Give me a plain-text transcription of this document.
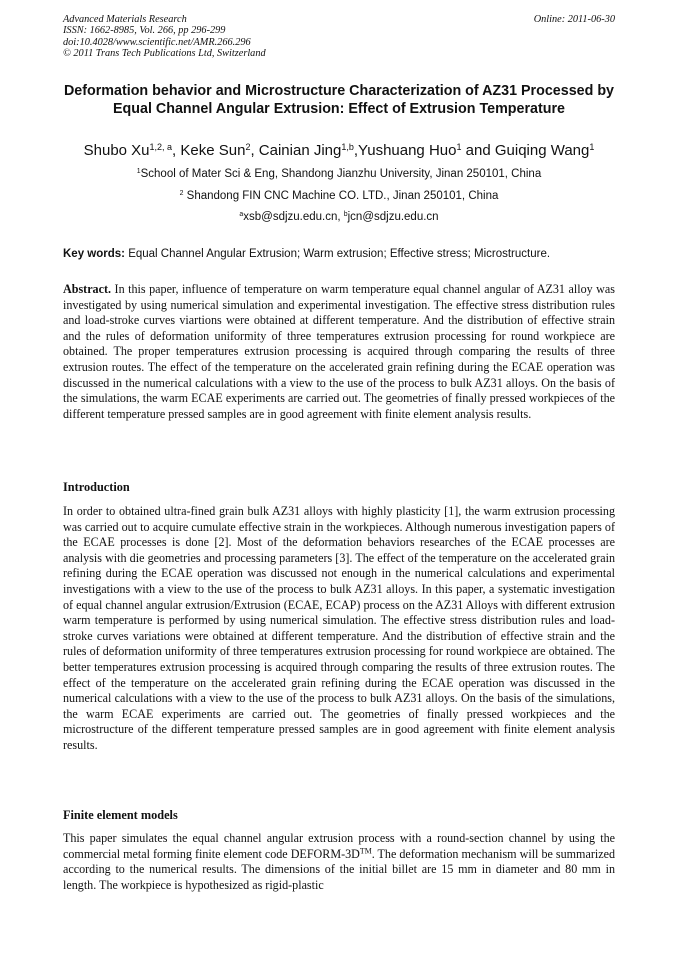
Advanced Materials Research
ISSN: 1662-8985, Vol. 266, pp 296-299
doi:10.4028/www.scientific.net/AMR.266.296
© 2011 Trans Tech Publications Ltd, Switzerland
Online: 2011-06-30
Deformation behavior and Microstructure Characterization of AZ31 Processed by Equal Channel Angular Extrusion: Effect of Extrusion Temperature
Shubo Xu$^{1,2, a}$, Keke Sun$^2$, Cainian Jing$^{1,b}$,Yushuang Huo$^1$ and Guiqing Wang$^1$
$^1$School of Mater Sci & Eng, Shandong Jianzhu University, Jinan 250101, China
$^2$ Shandong FIN CNC Machine CO. LTD., Jinan 250101, China
$^a$xsb@sdjzu.edu.cn, $^b$jcn@sdjzu.edu.cn
Key words: Equal Channel Angular Extrusion; Warm extrusion; Effective stress; Microstructure.
Abstract. In this paper, influence of temperature on warm temperature equal channel angular of AZ31 alloy was investigated by using numerical simulation and experimental investigation. The effective stress distribution rules and load-stroke curves viartions were obtained at different temperature. And the distribution of effective strain and the rules of deformation uniformity of three temperatures extrusion processing for round workpiece are obtained. The proper temperatures extrusion processing is acquired through comparing the results of three extrusion routes. The effect of the temperature on the accelerated grain refining during the ECAE operation was discussed in the numerical calculations with a view to the use of the process to bulk AZ31 alloys. On the basis of the simulations, the warm ECAE experiments are carried out. The geometries of finally pressed workpieces of the different temperature pressed samples are in good agreement with finite element analysis results.
Introduction
In order to obtained ultra-fined grain bulk AZ31 alloys with highly plasticity [1], the warm extrusion processing was carried out to acquire cumulate effective strain in the workpieces. Although numerous investigation papers of the ECAE processes is done [2]. Most of the deformation behaviors researches of the ECAE processes are analysis with die geometries and processing parameters [3]. The effect of the temperature on the accelerated grain refining during the ECAE operation was discussed not enough in the numerical calculations and experimental investigations with a view to the use of the process to bulk AZ31 alloys. In this paper, a systematic investigation of equal channel angular extrusion/Extrusion (ECAE, ECAP) process on the AZ31 Alloys with different extrusion warm temperature is performed by using numerical simulation. The effective stress distribution rules and load-stroke curves variations were obtained at different temperature. And the distribution of effective strain and the rules of deformation uniformity of three temperatures extrusion processing for round workpiece are obtained. The better temperatures extrusion processing is acquired through comparing the results of three extrusion routes. The effect of the temperature on the accelerated grain refining during the ECAE operation was discussed in the numerical calculations with a view to the use of the process to bulk AZ31 alloys. On the basis of the simulations, the warm ECAE experiments are carried out. The geometries of finally pressed workpieces and the microstructure of the different temperature pressed samples are in good agreement with finite element analysis results.
Finite element models
This paper simulates the equal channel angular extrusion process with a round-section channel by using the commercial metal forming finite element code DEFORM-3D™. The deformation mechanism will be summarized according to the numerical results. The dimensions of the initial billet are 15 mm in diameter and 80 mm in length. The workpiece is hypothesized as rigid-plastic
